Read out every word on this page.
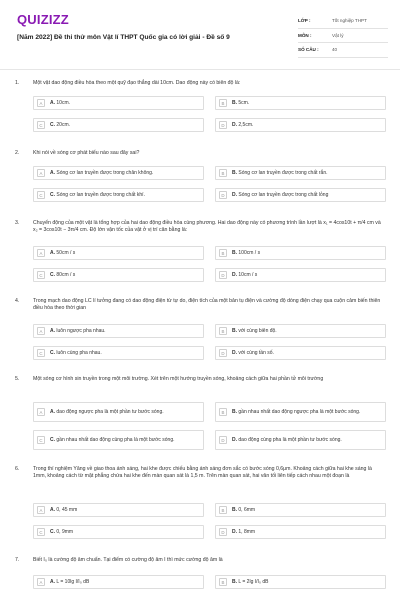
QUIZIZZ
[Năm 2022] Đề thi thử môn Vật lí THPT Quốc gia có lời giải - Đề số 9
LỚP :	Tốt nghiệp THPT
MÔN :	Vật lý
SỐ CÂU :	40
1.	Một vật dao động điều hòa theo một quỹ đạo thẳng dài 10cm. Dao động này có biên độ là:
A	A. 10cm.	B	B. 5cm.
C	C. 20cm.	D	D. 2,5cm.
2.	Khi nói về sóng cơ phát biểu nào sau đây sai?
A	A. Sóng cơ lan truyền được trong chân không.	B	B. Sóng cơ lan truyền được trong chất rắn.
C	C. Sóng cơ lan truyền được trong chất khí.	D	D. Sóng cơ lan truyền được trong chất lỏng
3.	Chuyển động của một vật là tổng hợp của hai dao động điều hòa cùng phương. Hai dao động này có phương trình lần lượt là x₁ = 4cos10t + π/4 cm và x₂ = 3cos10t − 3π/4 cm. Độ lớn vận tốc của vật ở vị trí cân bằng là:
A	A. 50cm / s	B	B. 100cm / s
C	C. 80cm / s	D	D. 10cm / s
4.	Trong mạch dao động LC lí tưởng đang có dao động điện từ tự do, điện tích của một bản tụ điện và cường độ dòng điện chạy qua cuộn cảm biến thiên điều hòa theo thời gian
A	A. luôn ngược pha nhau.	B	B. với cùng biên độ.
C	C. luôn cùng pha nhau.	D	D. với cùng tần số.
5.	Một sóng cơ hình sin truyền trong một môi trường. Xét trên một hướng truyền sóng, khoảng cách giữa hai phần tử môi trường
A	A. dao động ngược pha là một phần tư bước sóng.	B	B. gần nhau nhất dao động ngược pha là một bước sóng.
C	C. gần nhau nhất dao động cùng pha là một bước sóng.	D	D. dao động cùng pha là một phần tư bước sóng.
6.	Trong thí nghiệm Yâng về giao thoa ánh sáng, hai khe được chiếu bằng ánh sáng đơn sắc có bước sóng 0,6μm. Khoảng cách giữa hai khe sáng là 1mm, khoảng cách từ mặt phẳng chứa hai khe đến màn quan sát là 1,5 m. Trên màn quan sát, hai vân tối liên tiếp cách nhau một đoạn là
A	A. 0, 45 mm	B	B. 0, 6mm
C	C. 0, 9mm	D	D. 1, 8mm
7.	Biết I₀ là cường độ âm chuẩn. Tại điểm có cường độ âm I thì mức cường độ âm là
A	A. L = 10lg I/I₀ dB	B	B. L = 2lg I/I₀ dB
